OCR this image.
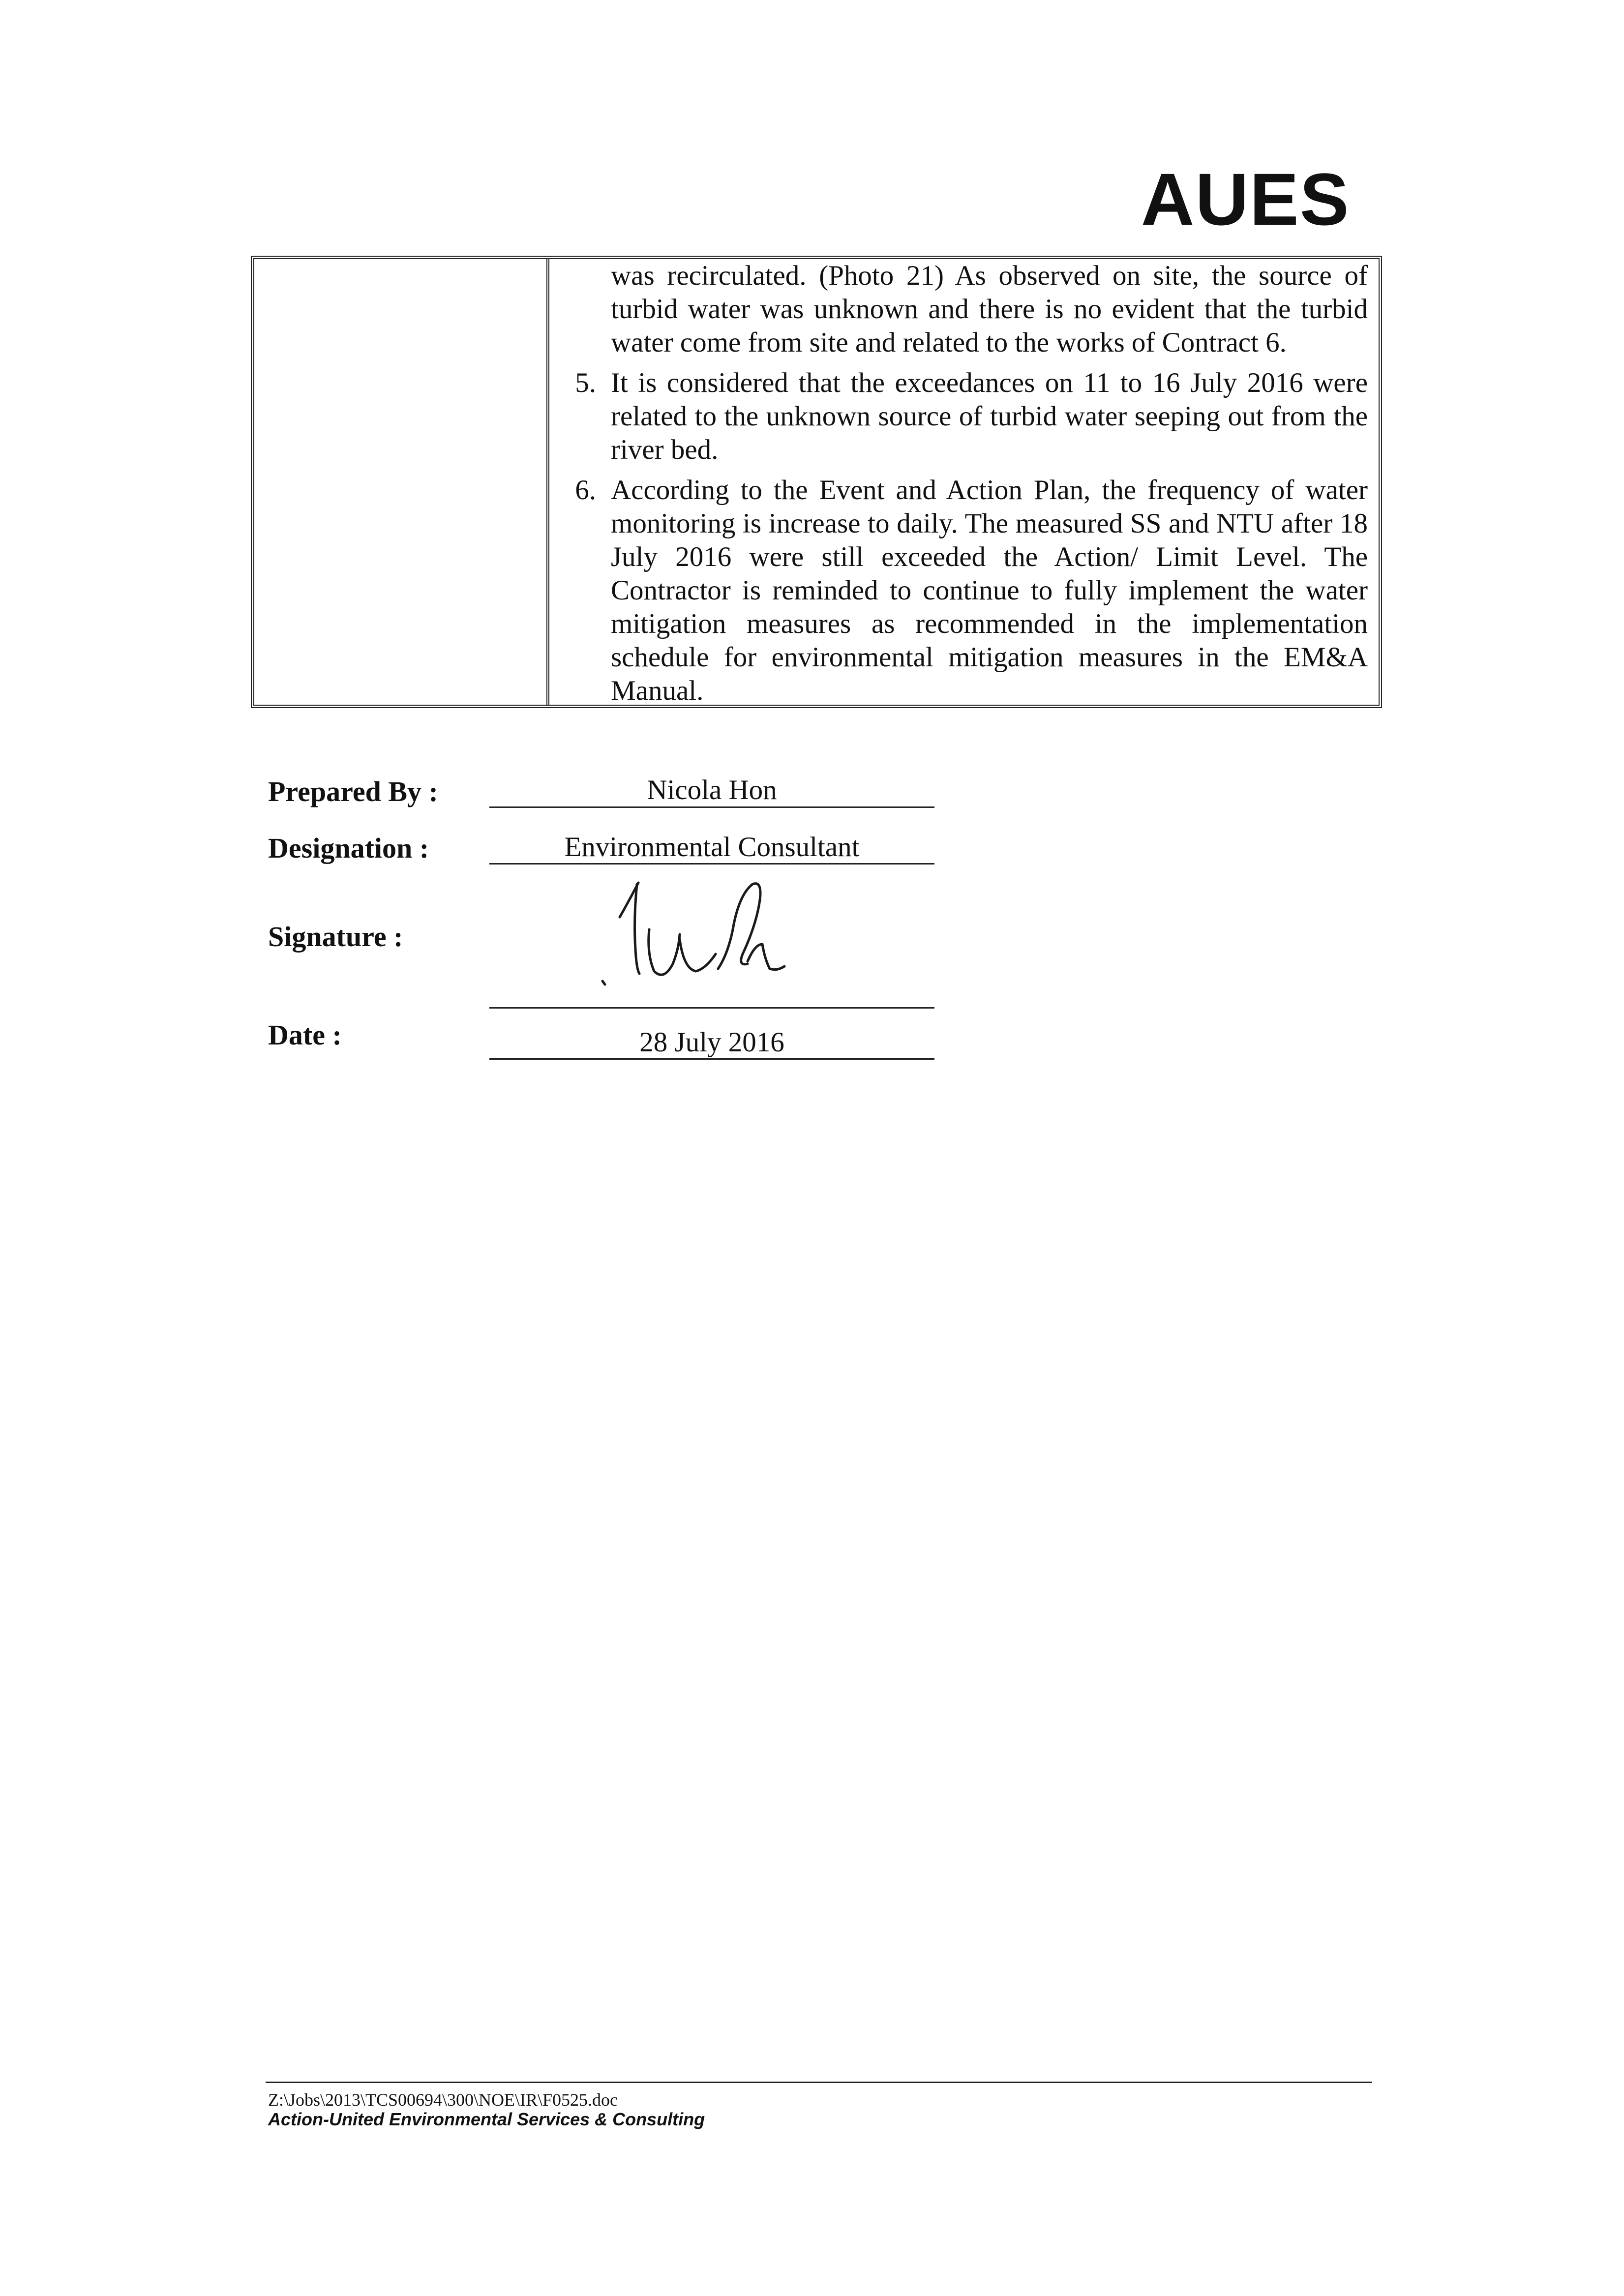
AUES
was recirculated. (Photo 21) As observed on site, the source of turbid water was unknown and there is no evident that the turbid water come from site and related to the works of Contract 6.
5. It is considered that the exceedances on 11 to 16 July 2016 were related to the unknown source of turbid water seeping out from the river bed.
6. According to the Event and Action Plan, the frequency of water monitoring is increase to daily. The measured SS and NTU after 18 July 2016 were still exceeded the Action/ Limit Level. The Contractor is reminded to continue to fully implement the water mitigation measures as recommended in the implementation schedule for environmental mitigation measures in the EM&A Manual.
Prepared By :	Nicola Hon
Designation :	Environmental Consultant
Signature :
Date :	28 July 2016
Z:\Jobs\2013\TCS00694\300\NOE\IR\F0525.doc
Action-United Environmental Services & Consulting
